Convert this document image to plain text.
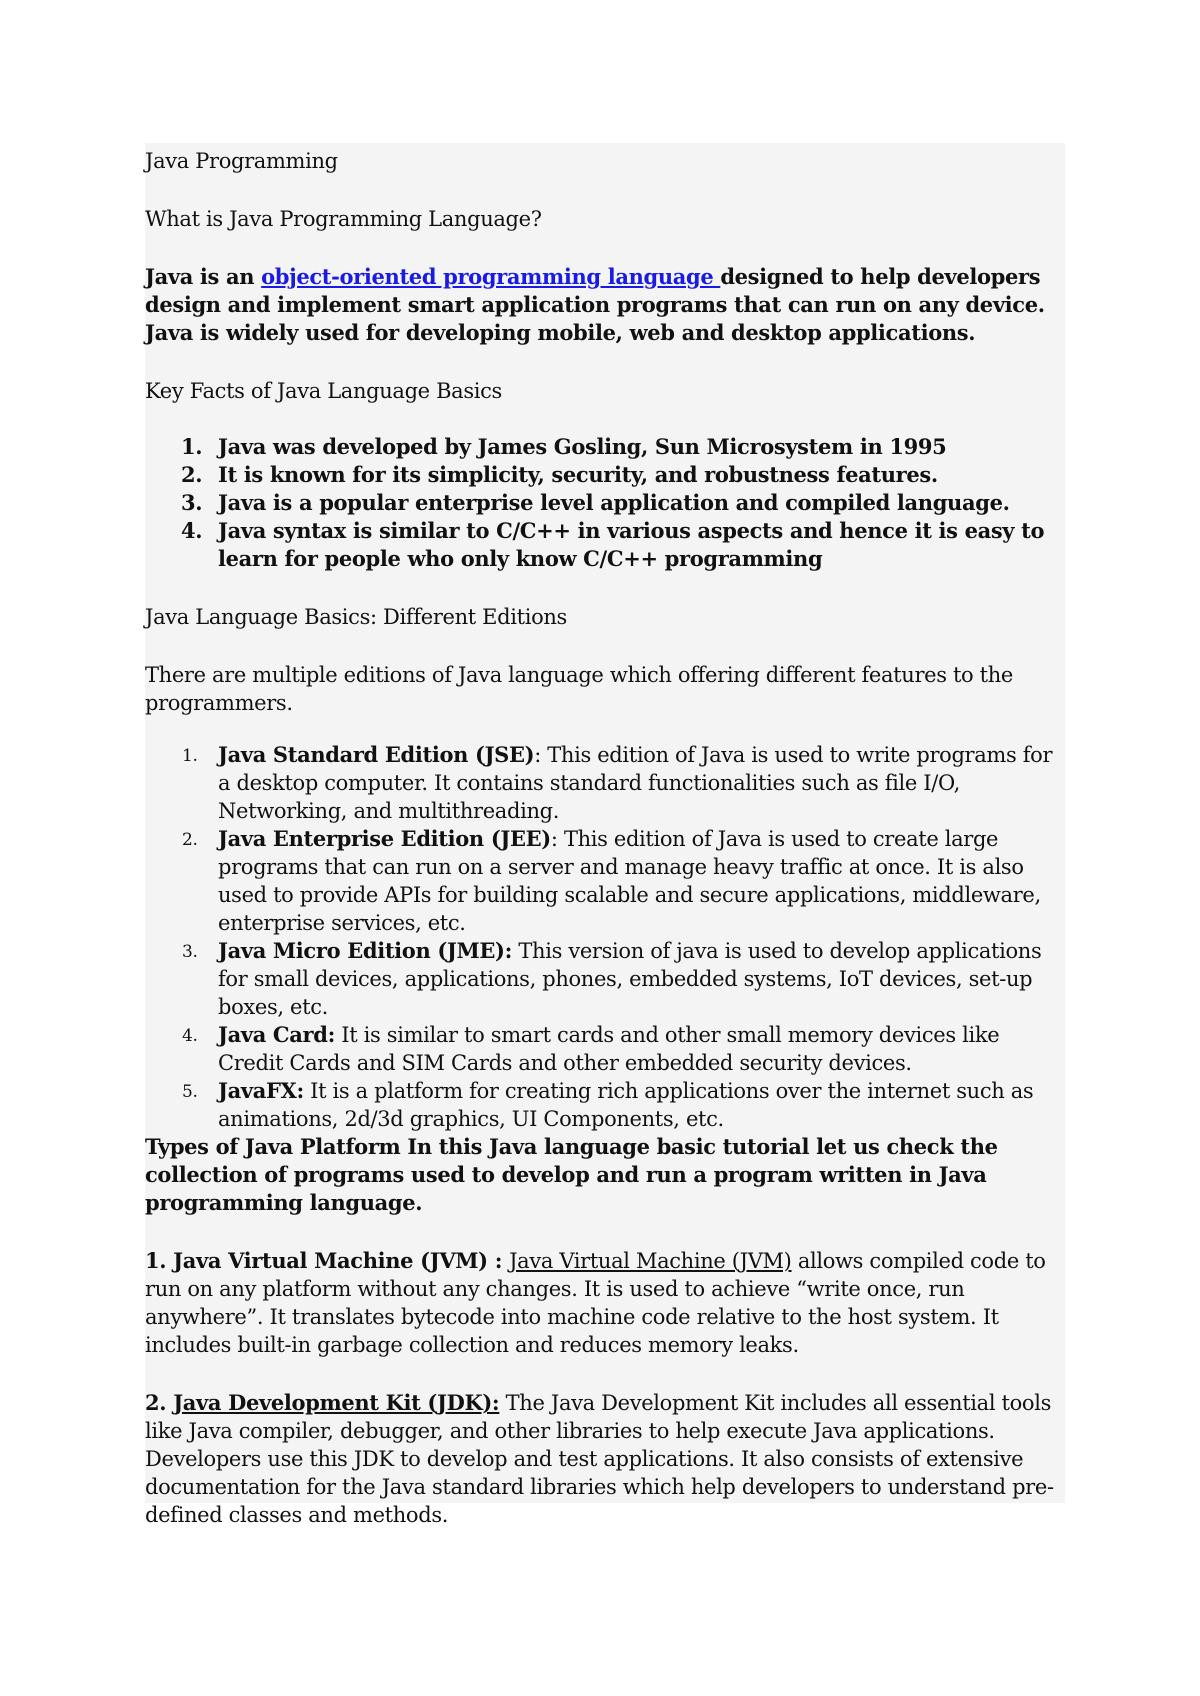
Java Programming

What is Java Programming Language?

Java is an object-oriented programming language designed to help developers design and implement smart application programs that can run on any device. Java is widely used for developing mobile, web and desktop applications.

Key Facts of Java Language Basics

1. Java was developed by James Gosling, Sun Microsystem in 1995
2. It is known for its simplicity, security, and robustness features.
3. Java is a popular enterprise level application and compiled language.
4. Java syntax is similar to C/C++ in various aspects and hence it is easy to learn for people who only know C/C++ programming

Java Language Basics: Different Editions

There are multiple editions of Java language which offering different features to the programmers.

1. Java Standard Edition (JSE): This edition of Java is used to write programs for a desktop computer. It contains standard functionalities such as file I/O, Networking, and multithreading.
2. Java Enterprise Edition (JEE): This edition of Java is used to create large programs that can run on a server and manage heavy traffic at once. It is also used to provide APIs for building scalable and secure applications, middleware, enterprise services, etc.
3. Java Micro Edition (JME): This version of java is used to develop applications for small devices, applications, phones, embedded systems, IoT devices, set-up boxes, etc.
4. Java Card: It is similar to smart cards and other small memory devices like Credit Cards and SIM Cards and other embedded security devices.
5. JavaFX: It is a platform for creating rich applications over the internet such as animations, 2d/3d graphics, UI Components, etc.

Types of Java Platform In this Java language basic tutorial let us check the collection of programs used to develop and run a program written in Java programming language.

1. Java Virtual Machine (JVM) : Java Virtual Machine (JVM) allows compiled code to run on any platform without any changes. It is used to achieve “write once, run anywhere”. It translates bytecode into machine code relative to the host system. It includes built-in garbage collection and reduces memory leaks.

2. Java Development Kit (JDK): The Java Development Kit includes all essential tools like Java compiler, debugger, and other libraries to help execute Java applications. Developers use this JDK to develop and test applications. It also consists of extensive documentation for the Java standard libraries which help developers to understand pre-defined classes and methods.
